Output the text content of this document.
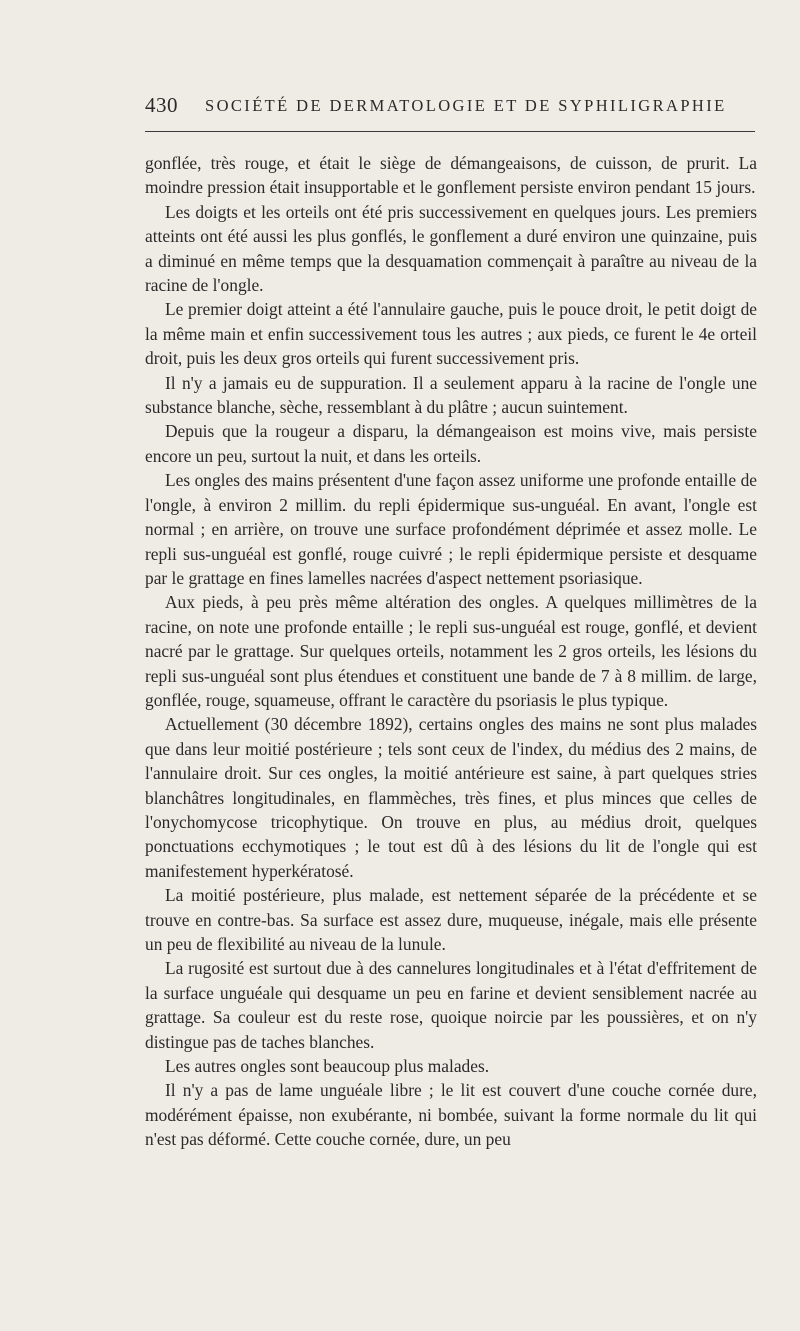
430 SOCIÉTÉ DE DERMATOLOGIE ET DE SYPHILIGRAPHIE

gonflée, très rouge, et était le siège de démangeaisons, de cuisson, de prurit. La moindre pression était insupportable et le gonflement persiste environ pendant 15 jours.

Les doigts et les orteils ont été pris successivement en quelques jours. Les premiers atteints ont été aussi les plus gonflés, le gonflement a duré environ une quinzaine, puis a diminué en même temps que la desquamation commençait à paraître au niveau de la racine de l'ongle.

Le premier doigt atteint a été l'annulaire gauche, puis le pouce droit, le petit doigt de la même main et enfin successivement tous les autres ; aux pieds, ce furent le 4e orteil droit, puis les deux gros orteils qui furent successivement pris.

Il n'y a jamais eu de suppuration. Il a seulement apparu à la racine de l'ongle une substance blanche, sèche, ressemblant à du plâtre ; aucun suintement.

Depuis que la rougeur a disparu, la démangeaison est moins vive, mais persiste encore un peu, surtout la nuit, et dans les orteils.

Les ongles des mains présentent d'une façon assez uniforme une profonde entaille de l'ongle, à environ 2 millim. du repli épidermique sus-unguéal. En avant, l'ongle est normal ; en arrière, on trouve une surface profondément déprimée et assez molle. Le repli sus-unguéal est gonflé, rouge cuivré ; le repli épidermique persiste et desquame par le grattage en fines lamelles nacrées d'aspect nettement psoriasique.

Aux pieds, à peu près même altération des ongles. A quelques millimètres de la racine, on note une profonde entaille ; le repli sus-unguéal est rouge, gonflé, et devient nacré par le grattage. Sur quelques orteils, notamment les 2 gros orteils, les lésions du repli sus-unguéal sont plus étendues et constituent une bande de 7 à 8 millim. de large, gonflée, rouge, squameuse, offrant le caractère du psoriasis le plus typique.

Actuellement (30 décembre 1892), certains ongles des mains ne sont plus malades que dans leur moitié postérieure ; tels sont ceux de l'index, du médius des 2 mains, de l'annulaire droit. Sur ces ongles, la moitié antérieure est saine, à part quelques stries blanchâtres longitudinales, en flammèches, très fines, et plus minces que celles de l'onychomycose tricophytique. On trouve en plus, au médius droit, quelques ponctuations ecchymotiques ; le tout est dû à des lésions du lit de l'ongle qui est manifestement hyperkératosé.

La moitié postérieure, plus malade, est nettement séparée de la précédente et se trouve en contre-bas. Sa surface est assez dure, muqueuse, inégale, mais elle présente un peu de flexibilité au niveau de la lunule.

La rugosité est surtout due à des cannelures longitudinales et à l'état d'effritement de la surface unguéale qui desquame un peu en farine et devient sensiblement nacrée au grattage. Sa couleur est du reste rose, quoique noircie par les poussières, et on n'y distingue pas de taches blanches.

Les autres ongles sont beaucoup plus malades.

Il n'y a pas de lame unguéale libre ; le lit est couvert d'une couche cornée dure, modérément épaisse, non exubérante, ni bombée, suivant la forme normale du lit qui n'est pas déformé. Cette couche cornée, dure, un peu
